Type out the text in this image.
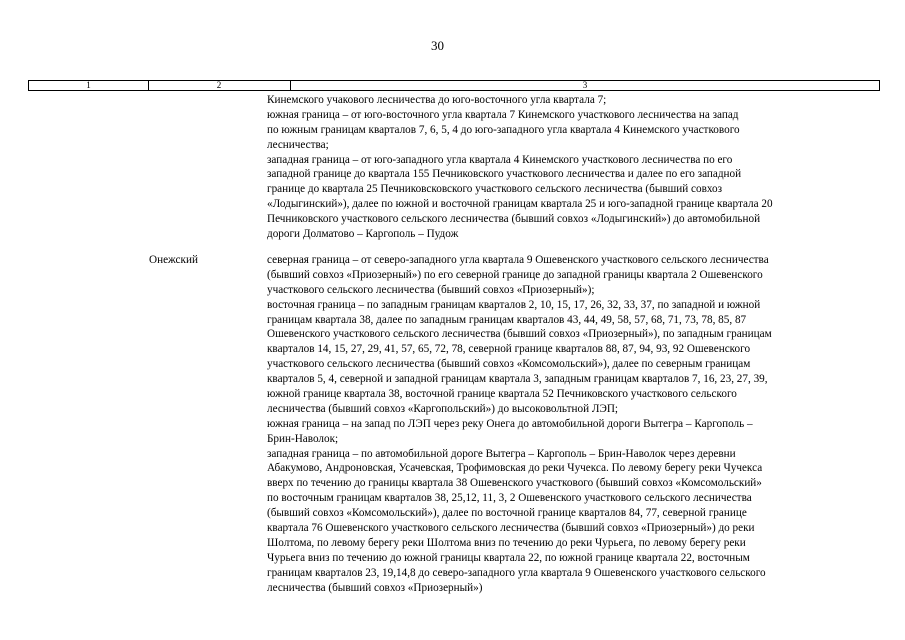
30
1	2	3
Кинемского учакового лесничества до юго-восточного угла квартала 7;
южная граница – от юго-восточного угла квартала 7 Кинемского участкового лесничества на запад
по южным границам кварталов 7, 6, 5, 4 до юго-западного угла квартала 4 Кинемского участкового
лесничества;
западная граница – от юго-западного угла квартала 4 Кинемского участкового лесничества по его
западной границе до квартала 155 Печниковского участкового лесничества и далее по его западной
границе до квартала 25 Печниковсковского участкового сельского лесничества (бывший совхоз
«Лодыгинский»), далее по южной и восточной границам квартала 25 и юго-западной границе квартала 20
Печниковского участкового сельского лесничества (бывший совхоз «Лодыгинский») до автомобильной
дороги Долматово – Каргополь – Пудож
Онежский	северная граница – от северо-западного угла квартала 9 Ошевенского участкового сельского лесничества
(бывший совхоз «Приозерный») по его северной границе до западной границы квартала 2 Ошевенского
участкового сельского лесничества (бывший совхоз «Приозерный»);
восточная граница – по западным границам кварталов 2, 10, 15, 17, 26, 32, 33, 37, по западной и южной
границам квартала 38, далее по западным границам кварталов 43, 44, 49, 58, 57, 68, 71, 73, 78, 85, 87
Ошевенского участкового сельского лесничества (бывший совхоз «Приозерный»), по западным границам
кварталов 14, 15, 27, 29, 41, 57, 65, 72, 78, северной границе кварталов 88, 87, 94, 93, 92 Ошевенского
участкового сельского лесничества (бывший совхоз «Комсомольский»), далее по северным границам
кварталов 5, 4, северной и западной границам квартала 3, западным границам кварталов 7, 16, 23, 27, 39,
южной границе квартала 38, восточной границе квартала 52 Печниковского участкового сельского
лесничества (бывший совхоз «Каргопольский») до высоковольтной ЛЭП;
южная граница – на запад по ЛЭП через реку Онега до автомобильной дороги Вытегра – Каргополь –
Брин-Наволок;
западная граница – по автомобильной дороге Вытегра – Каргополь – Брин-Наволок через деревни
Абакумово, Андроновская, Усачевская, Трофимовская до реки Чучекса. По левому берегу реки Чучекса
вверх по течению до границы квартала 38 Ошевенского участкового (бывший совхоз «Комсомольский»
по восточным границам кварталов 38, 25,12, 11, 3, 2 Ошевенского участкового сельского лесничества
(бывший совхоз «Комсомольский»), далее по восточной границе кварталов 84, 77, северной границе
квартала 76 Ошевенского участкового сельского лесничества (бывший совхоз «Приозерный») до реки
Шолтома, по левому берегу реки Шолтома вниз по течению до реки Чурьега, по левому берегу реки
Чурьега вниз по течению до южной границы квартала 22, по южной границе квартала 22, восточным
границам кварталов 23, 19,14,8 до северо-западного угла квартала 9 Ошевенского участкового сельского
лесничества (бывший совхоз «Приозерный»)
